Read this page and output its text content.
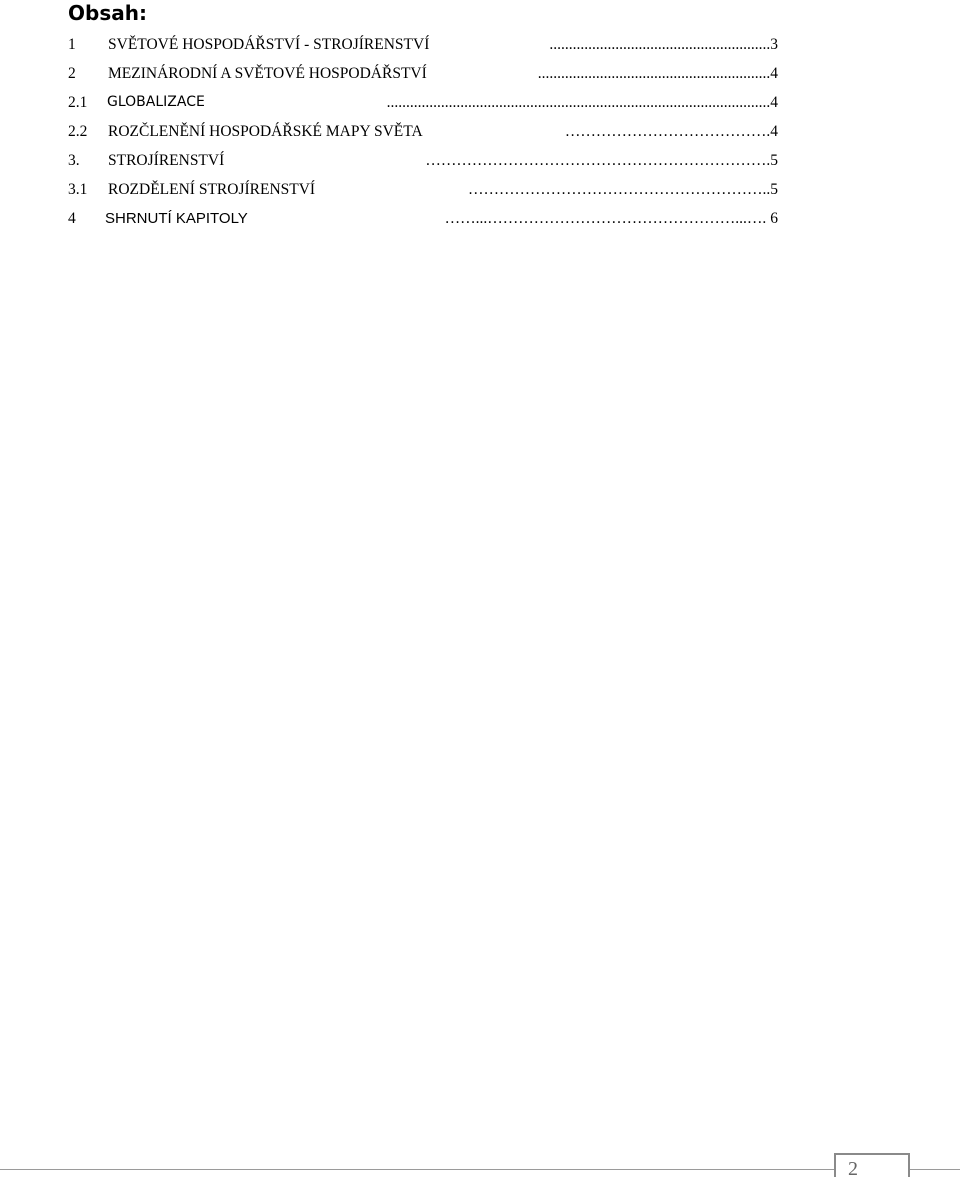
Obsah:
1 SVĚTOVÉ HOSPODÁŘSTVÍ - STROJÍRENSTVÍ	.........................................................3
2 MEZINÁRODNÍ A SVĚTOVÉ HOSPODÁŘSTVÍ	............................................................4
2.1 GLOBALIZACE	...................................................................................................4
2.2 ROZČLENĚNÍ HOSPODÁŘSKÉ MAPY SVĚTA	………………………………….4
3. STROJÍRENSTVÍ	………………………………………………………….5
3.1 ROZDĚLENÍ STROJÍRENSTVÍ	…………………………………………………..5
4 SHRNUTÍ KAPITOLY	……...…………………………………………...…. 6
2
